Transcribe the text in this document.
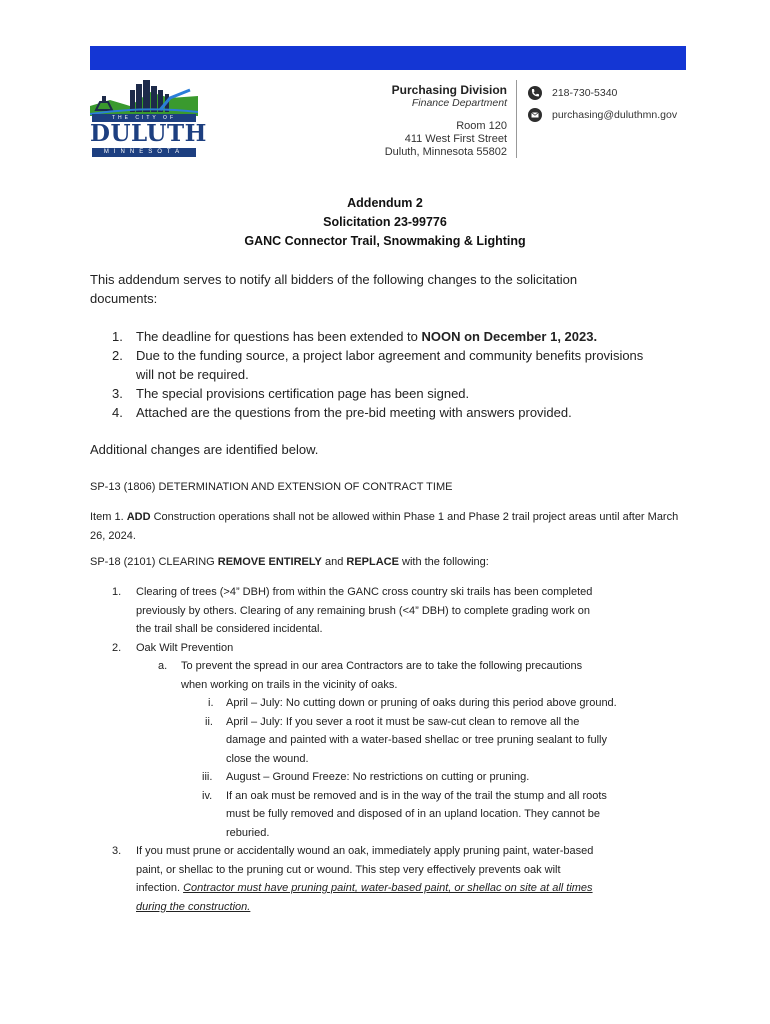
THE CITY OF
DULUTH
MINNESOTA
Purchasing Division
Finance Department
Room 120
411 West First Street
Duluth, Minnesota 55802
218-730-5340
purchasing@duluthmn.gov
Addendum 2
Solicitation 23-99776
GANC Connector Trail, Snowmaking & Lighting
This addendum serves to notify all bidders of the following changes to the solicitation documents:
1. The deadline for questions has been extended to NOON on December 1, 2023.
2. Due to the funding source, a project labor agreement and community benefits provisions will not be required.
3. The special provisions certification page has been signed.
4. Attached are the questions from the pre-bid meeting with answers provided.
Additional changes are identified below.
SP-13 (1806) DETERMINATION AND EXTENSION OF CONTRACT TIME
Item 1. ADD Construction operations shall not be allowed within Phase 1 and Phase 2 trail project areas until after March 26, 2024.
SP-18 (2101) CLEARING REMOVE ENTIRELY and REPLACE with the following:
1. Clearing of trees (>4” DBH) from within the GANC cross country ski trails has been completed
previously by others. Clearing of any remaining brush (<4” DBH) to complete grading work on
the trail shall be considered incidental.
2.	Oak Wilt Prevention
a. To prevent the spread in our area Contractors are to take the following precautions
when working on trails in the vicinity of oaks.
i.	April – July: No cutting down or pruning of oaks during this period above ground.
ii. April – July: If you sever a root it must be saw-cut clean to remove all the
damage and painted with a water-based shellac or tree pruning sealant to fully
close the wound.
iii.	August – Ground Freeze: No restrictions on cutting or pruning.
iv. If an oak must be removed and is in the way of the trail the stump and all roots
must be fully removed and disposed of in an upland location. They cannot be
reburied.
3. If you must prune or accidentally wound an oak, immediately apply pruning paint, water-based
paint, or shellac to the pruning cut or wound. This step very effectively prevents oak wilt
infection. Contractor must have pruning paint, water-based paint, or shellac on site at all times
during the construction.
